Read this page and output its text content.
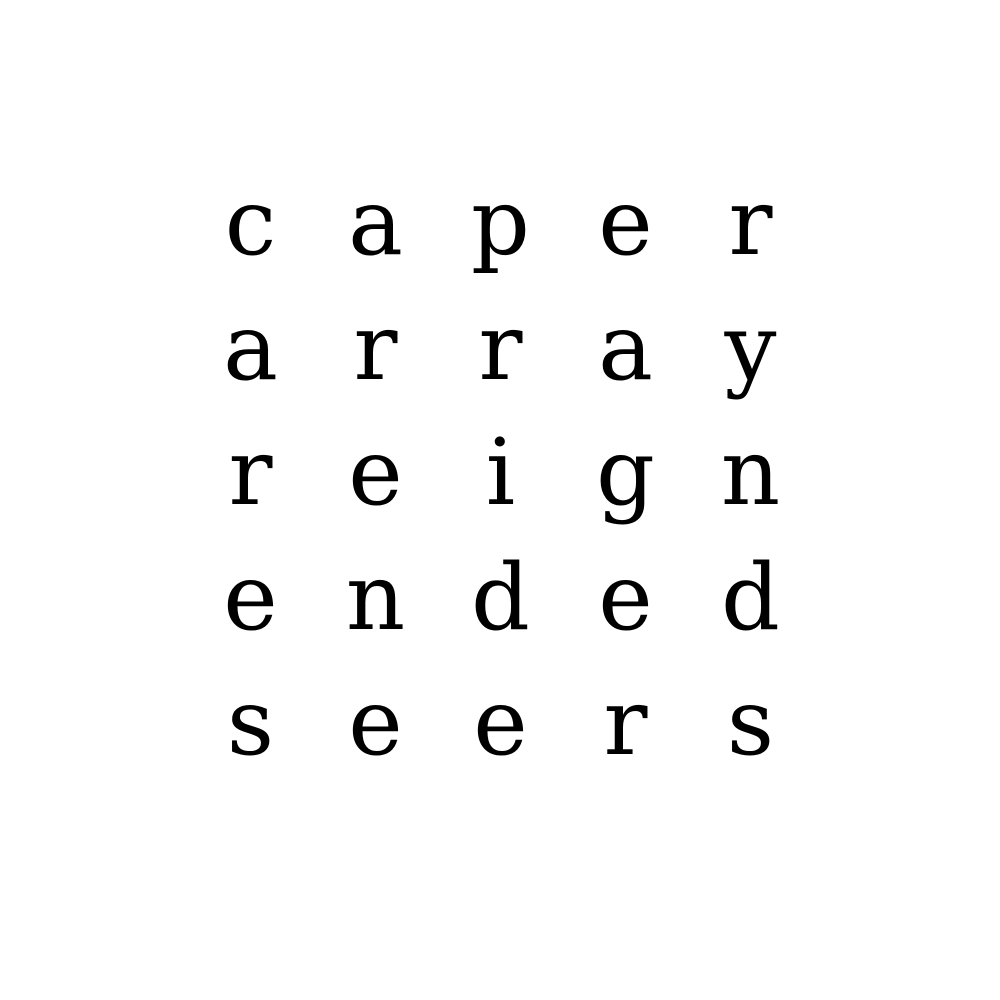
c a p e r
a r r a y
r e i g n
e n d e d
s e e r s
